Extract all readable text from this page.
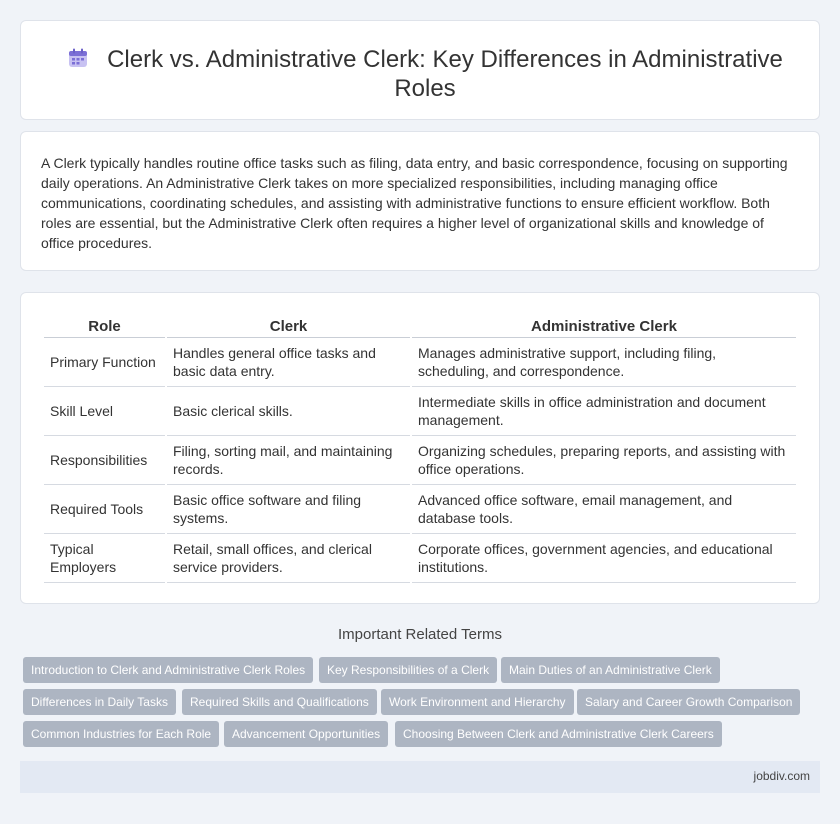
Clerk vs. Administrative Clerk: Key Differences in Administrative Roles

A Clerk typically handles routine office tasks such as filing, data entry, and basic correspondence, focusing on supporting daily operations. An Administrative Clerk takes on more specialized responsibilities, including managing office communications, coordinating schedules, and assisting with administrative functions to ensure efficient workflow. Both roles are essential, but the Administrative Clerk often requires a higher level of organizational skills and knowledge of office procedures.

Role	Clerk	Administrative Clerk
Primary Function	Handles general office tasks and basic data entry.	Manages administrative support, including filing, scheduling, and correspondence.
Skill Level	Basic clerical skills.	Intermediate skills in office administration and document management.
Responsibilities	Filing, sorting mail, and maintaining records.	Organizing schedules, preparing reports, and assisting with office operations.
Required Tools	Basic office software and filing systems.	Advanced office software, email management, and database tools.
Typical Employers	Retail, small offices, and clerical service providers.	Corporate offices, government agencies, and educational institutions.
Important Related Terms
Introduction to Clerk and Administrative Clerk Roles	Key Responsibilities of a Clerk	Main Duties of an Administrative Clerk
Differences in Daily Tasks	Required Skills and Qualifications	Work Environment and Hierarchy	Salary and Career Growth Comparison
Common Industries for Each Role	Advancement Opportunities	Choosing Between Clerk and Administrative Clerk Careers
jobdiv.com
